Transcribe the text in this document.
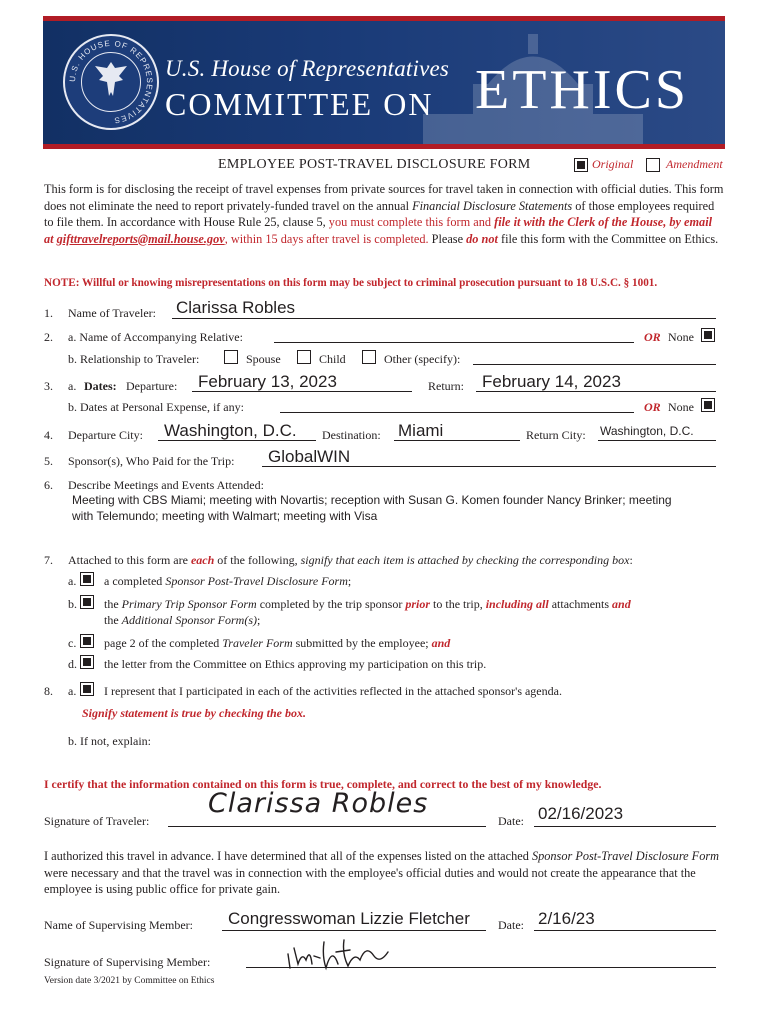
U.S. HOUSE OF REPRESENTATIVES
U.S. House of Representatives
COMMITTEE ON ETHICS
EMPLOYEE POST-TRAVEL DISCLOSURE FORM	Original	Amendment
This form is for disclosing the receipt of travel expenses from private sources for travel taken in connection with official duties. This form does not eliminate the need to report privately-funded travel on the annual Financial Disclosure Statements of those employees required to file them. In accordance with House Rule 25, clause 5, you must complete this form and file it with the Clerk of the House, by email at gifttravelreports@mail.house.gov, within 15 days after travel is completed. Please do not file this form with the Committee on Ethics.
NOTE: Willful or knowing misrepresentations on this form may be subject to criminal prosecution pursuant to 18 U.S.C. § 1001.
1. Name of Traveler: Clarissa Robles
2. a. Name of Accompanying Relative:	OR None
b. Relationship to Traveler:	Spouse	Child	Other (specify):
3. a. Dates: Departure: February 13, 2023	Return: February 14, 2023
b. Dates at Personal Expense, if any:	OR None
4. Departure City: Washington, D.C. Destination: Miami	Return City: Washington, D.C.
5. Sponsor(s), Who Paid for the Trip: GlobalWIN
6. Describe Meetings and Events Attended:
Meeting with CBS Miami; meeting with Novartis; reception with Susan G. Komen founder Nancy Brinker; meeting
with Telemundo; meeting with Walmart; meeting with Visa
7. Attached to this form are each of the following, signify that each item is attached by checking the corresponding box:
a. a completed Sponsor Post-Travel Disclosure Form;
b. the Primary Trip Sponsor Form completed by the trip sponsor prior to the trip, including all attachments and
the Additional Sponsor Form(s);
c. page 2 of the completed Traveler Form submitted by the employee; and
d. the letter from the Committee on Ethics approving my participation on this trip.
8. a. I represent that I participated in each of the activities reflected in the attached sponsor's agenda.
Signify statement is true by checking the box.
b. If not, explain:
I certify that the information contained on this form is true, complete, and correct to the best of my knowledge.
Signature of Traveler:
Clarissa Robles
Date: 02/16/2023
I authorized this travel in advance. I have determined that all of the expenses listed on the attached Sponsor Post-Travel Disclosure Form were necessary and that the travel was in connection with the employee's official duties and would not create the appearance that the employee is using public office for private gain.
Name of Supervising Member: Congresswoman Lizzie Fletcher Date: 2/16/23
Signature of Supervising Member:
Version date 3/2021 by Committee on Ethics
